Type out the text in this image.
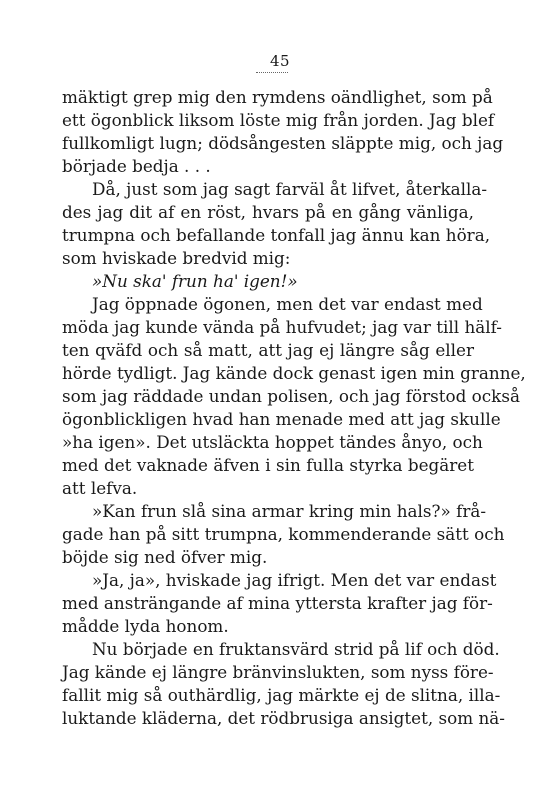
45
mäktigt grep mig den rymdens oändlighet, som på
ett ögonblick liksom löste mig från jorden. Jag blef
fullkomligt lugn; dödsångesten släppte mig, och jag
började bedja . . .
Då, just som jag sagt farväl åt lifvet, återkalla-
des jag dit af en röst, hvars på en gång vänliga,
trumpna och befallande tonfall jag ännu kan höra,
som hviskade bredvid mig:
»Nu ska' frun ha' igen!»
Jag öppnade ögonen, men det var endast med
möda jag kunde vända på hufvudet; jag var till hälf-
ten qväfd och så matt, att jag ej längre såg eller
hörde tydligt. Jag kände dock genast igen min granne,
som jag räddade undan polisen, och jag förstod också
ögonblickligen hvad han menade med att jag skulle
»ha igen». Det utsläckta hoppet tändes ånyo, och
med det vaknade äfven i sin fulla styrka begäret
att lefva.
»Kan frun slå sina armar kring min hals?» frå-
gade han på sitt trumpna, kommenderande sätt och
böjde sig ned öfver mig.
»Ja, ja», hviskade jag ifrigt. Men det var endast
med ansträngande af mina yttersta krafter jag för-
mådde lyda honom.
Nu började en fruktansvärd strid på lif och död.
Jag kände ej längre bränvinslukten, som nyss före-
fallit mig så outhärdlig, jag märkte ej de slitna, illa-
luktande kläderna, det rödbrusiga ansigtet, som nä-
